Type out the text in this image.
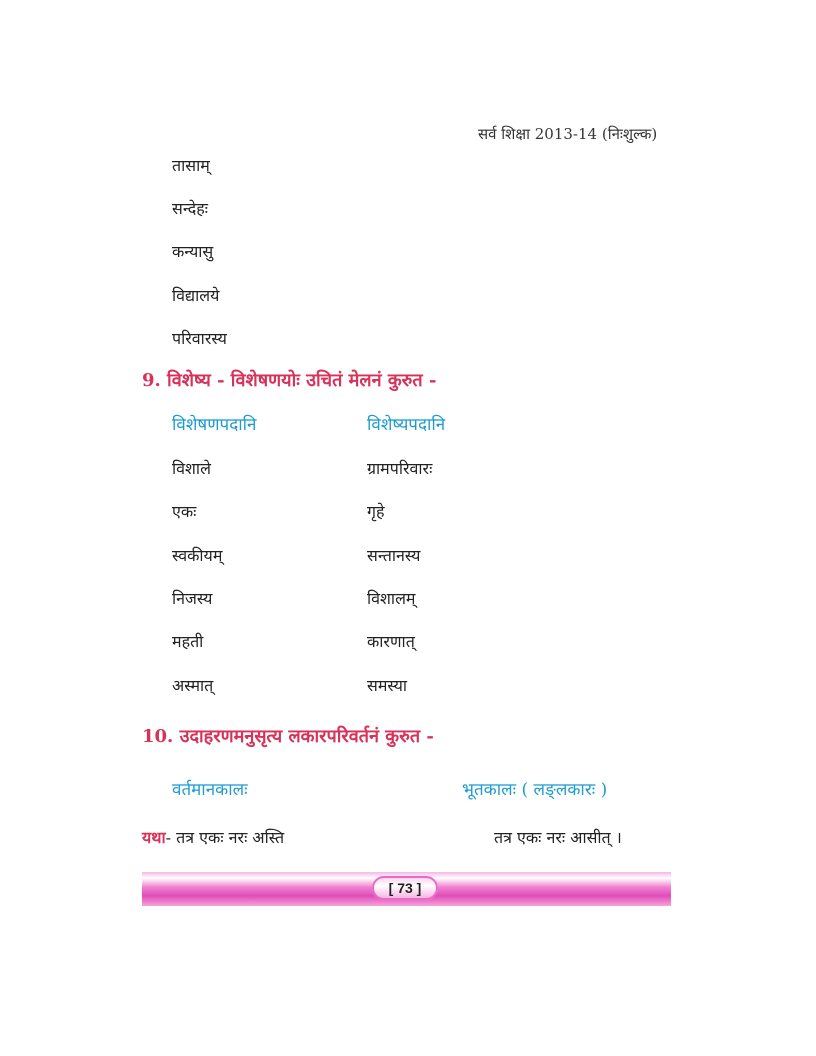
सर्व शिक्षा 2013-14 (निःशुल्क)
तासाम्
सन्देहः
कन्यासु
विद्यालये
परिवारस्य
9. विशेष्य - विशेषणयोः उचितं मेलनं कुरुत -
विशेषणपदानि	विशेष्यपदानि
विशाले	ग्रामपरिवारः
एकः	गृहे
स्वकीयम्	सन्तानस्य
निजस्य	विशालम्
महती	कारणात्
अस्मात्	समस्या
10. उदाहरणमनुसृत्य लकारपरिवर्तनं कुरुत -
वर्तमानकालः	भूतकालः ( लङ्लकारः )
यथा- तत्र एकः नरः अस्ति	तत्र एकः नरः आसीत् ।
[ 73 ]
